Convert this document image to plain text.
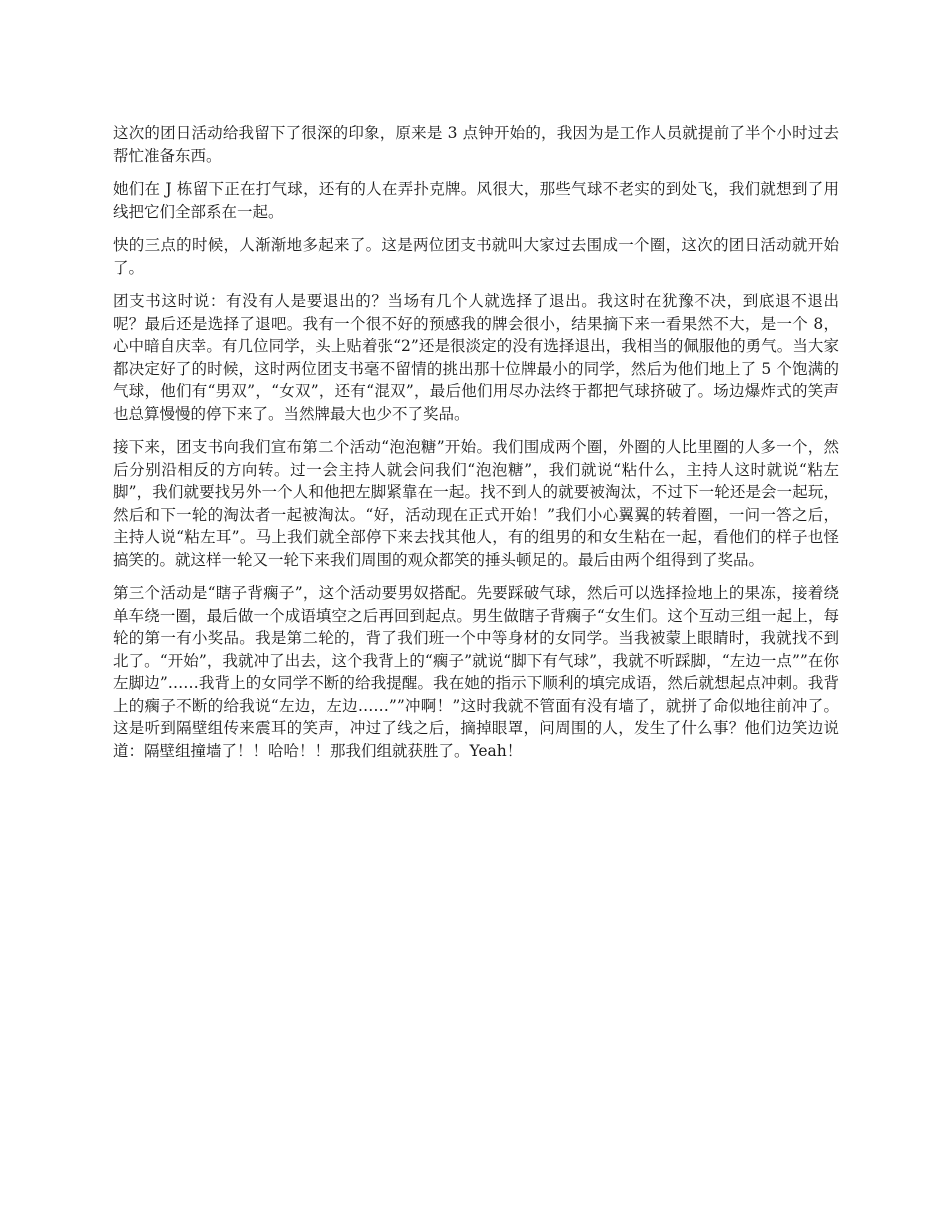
这次的团日活动给我留下了很深的印象，原来是 3 点钟开始的，我因为是工作人员就提前了半个小时过去帮忙准备东西。

她们在 J 栋留下正在打气球，还有的人在弄扑克牌。风很大，那些气球不老实的到处飞，我们就想到了用线把它们全部系在一起。

快的三点的时候，人渐渐地多起来了。这是两位团支书就叫大家过去围成一个圈，这次的团日活动就开始了。

团支书这时说：有没有人是要退出的？当场有几个人就选择了退出。我这时在犹豫不决，到底退不退出呢？最后还是选择了退吧。我有一个很不好的预感我的牌会很小，结果摘下来一看果然不大，是一个 8，心中暗自庆幸。有几位同学，头上贴着张“2”还是很淡定的没有选择退出，我相当的佩服他的勇气。当大家都决定好了的时候，这时两位团支书毫不留情的挑出那十位牌最小的同学，然后为他们地上了 5 个饱满的气球，他们有“男双”，“女双”，还有“混双”，最后他们用尽办法终于都把气球挤破了。场边爆炸式的笑声也总算慢慢的停下来了。当然牌最大也少不了奖品。

接下来，团支书向我们宣布第二个活动“泡泡糖”开始。我们围成两个圈，外圈的人比里圈的人多一个，然后分别沿相反的方向转。过一会主持人就会问我们“泡泡糖”，我们就说“粘什么，主持人这时就说“粘左脚”，我们就要找另外一个人和他把左脚紧靠在一起。找不到人的就要被淘汰，不过下一轮还是会一起玩，然后和下一轮的淘汰者一起被淘汰。“好，活动现在正式开始！”我们小心翼翼的转着圈，一问一答之后，主持人说“粘左耳”。马上我们就全部停下来去找其他人，有的组男的和女生粘在一起，看他们的样子也怪搞笑的。就这样一轮又一轮下来我们周围的观众都笑的捶头顿足的。最后由两个组得到了奖品。

第三个活动是“瞎子背瘸子”，这个活动要男奴搭配。先要踩破气球，然后可以选择捡地上的果冻，接着绕单车绕一圈，最后做一个成语填空之后再回到起点。男生做瞎子背瘸子“女生们。这个互动三组一起上，每轮的第一有小奖品。我是第二轮的，背了我们班一个中等身材的女同学。当我被蒙上眼睛时，我就找不到北了。“开始”，我就冲了出去，这个我背上的“瘸子”就说“脚下有气球”，我就不听踩脚，“左边一点””在你左脚边”……我背上的女同学不断的给我提醒。我在她的指示下顺利的填完成语，然后就想起点冲刺。我背上的瘸子不断的给我说“左边，左边……””冲啊！”这时我就不管面有没有墙了，就拼了命似地往前冲了。这是听到隔壁组传来震耳的笑声，冲过了线之后，摘掉眼罩，问周围的人，发生了什么事？他们边笑边说道：隔壁组撞墙了！！哈哈！！那我们组就获胜了。Yeah！
